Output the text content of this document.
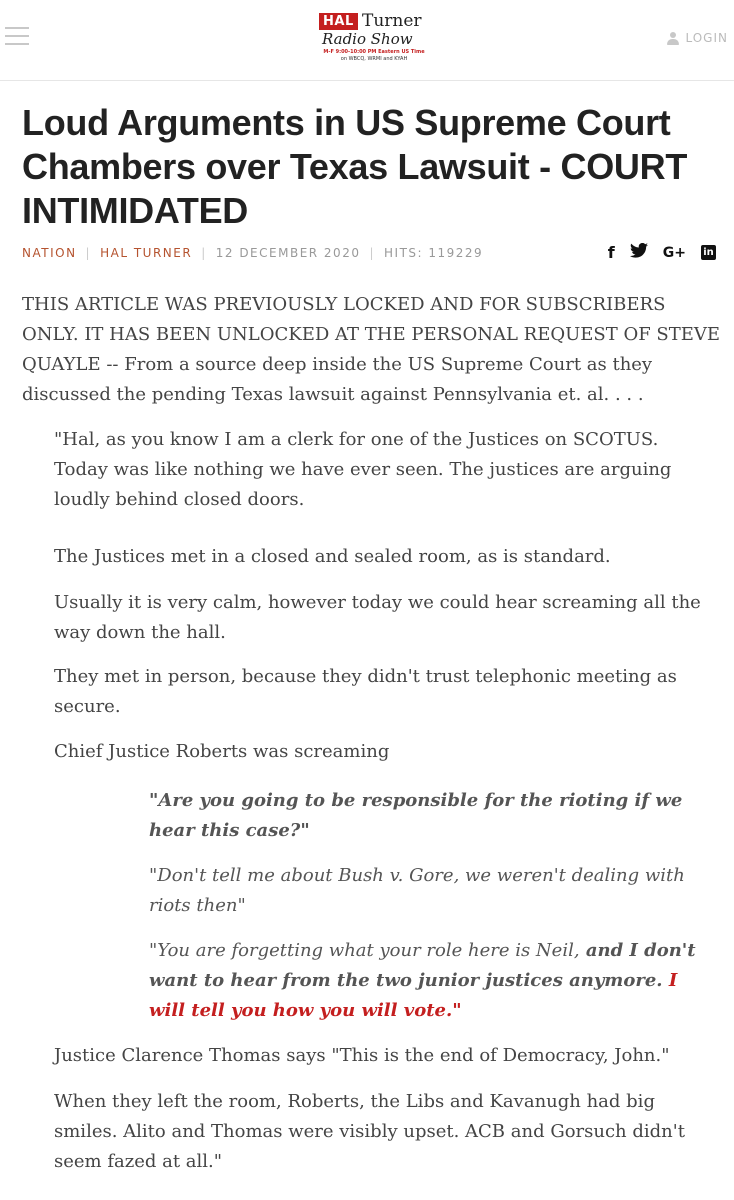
HAL Turner
Radio Show
M-F 9:00-10:00 PM Eastern US Time
on WBCQ, WRMI and KYAH
LOGIN
Loud Arguments in US Supreme Court Chambers over Texas Lawsuit - COURT INTIMIDATED
NATION | HAL TURNER | 12 DECEMBER 2020 | HITS: 119229	f	G+ in
THIS ARTICLE WAS PREVIOUSLY LOCKED AND FOR SUBSCRIBERS ONLY. IT HAS BEEN UNLOCKED AT THE PERSONAL REQUEST OF STEVE QUAYLE -- From a source deep inside the US Supreme Court as they discussed the pending Texas lawsuit against Pennsylvania et. al. . . .

"Hal, as you know I am a clerk for one of the Justices on SCOTUS. Today was like nothing we have ever seen. The justices are arguing loudly behind closed doors.

The Justices met in a closed and sealed room, as is standard.

Usually it is very calm, however today we could hear screaming all the way down the hall.

They met in person, because they didn't trust telephonic meeting as secure.

Chief Justice Roberts was screaming

"Are you going to be responsible for the rioting if we hear this case?"

"Don't tell me about Bush v. Gore, we weren't dealing with riots then"

"You are forgetting what your role here is Neil, and I don't want to hear from the two junior justices anymore. I will tell you how you will vote."

Justice Clarence Thomas says "This is the end of Democracy, John."

When they left the room, Roberts, the Libs and Kavanugh had big smiles. Alito and Thomas were visibly upset. ACB and Gorsuch didn't seem fazed at all."
